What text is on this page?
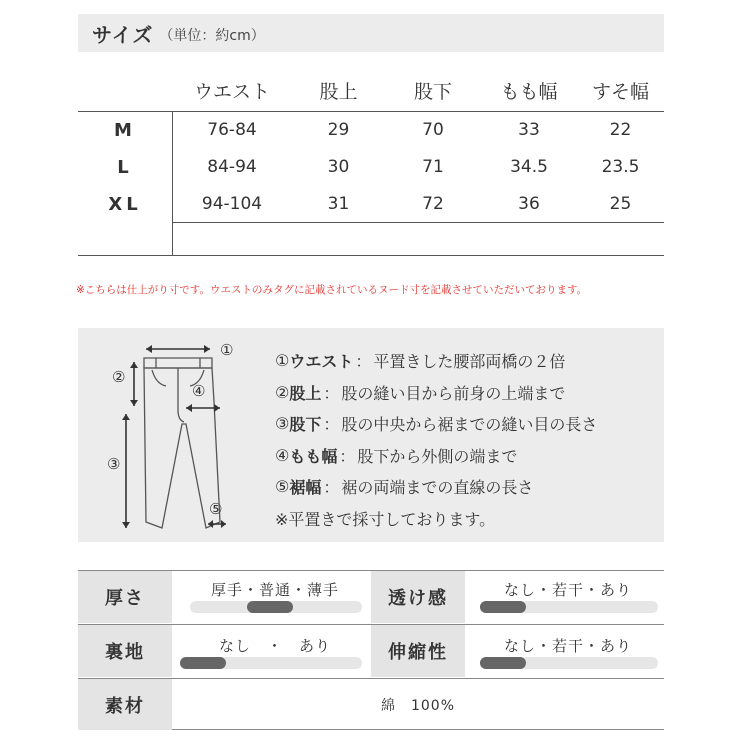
サイズ （単位：約cm）
ウエスト	股上	股下	もも幅	すそ幅
M	76-84	29	70	33	22
L	84-94	30	71	34.5	23.5
XL	94-104	31	72	36	25
※こちらは仕上がり寸です。ウエストのみタグに記載されているヌード寸を記載させていただいております。
①
②
③
④
⑤
① ウエスト ： 平置きした腰部両橋の２倍
② 股上 ： 股の縫い目から前身の上端まで
③ 股下 ： 股の中央から裾までの縫い目の長さ
④ もも幅 ： 股下から外側の端まで
⑤ 裾幅 ： 裾の両端までの直線の長さ
※平置きで採寸しております。
厚さ	厚手・普通・薄手	透け感	なし・若干・あり
裏地	なし　・　あり	伸縮性	なし・若干・あり
素材	綿　100%
